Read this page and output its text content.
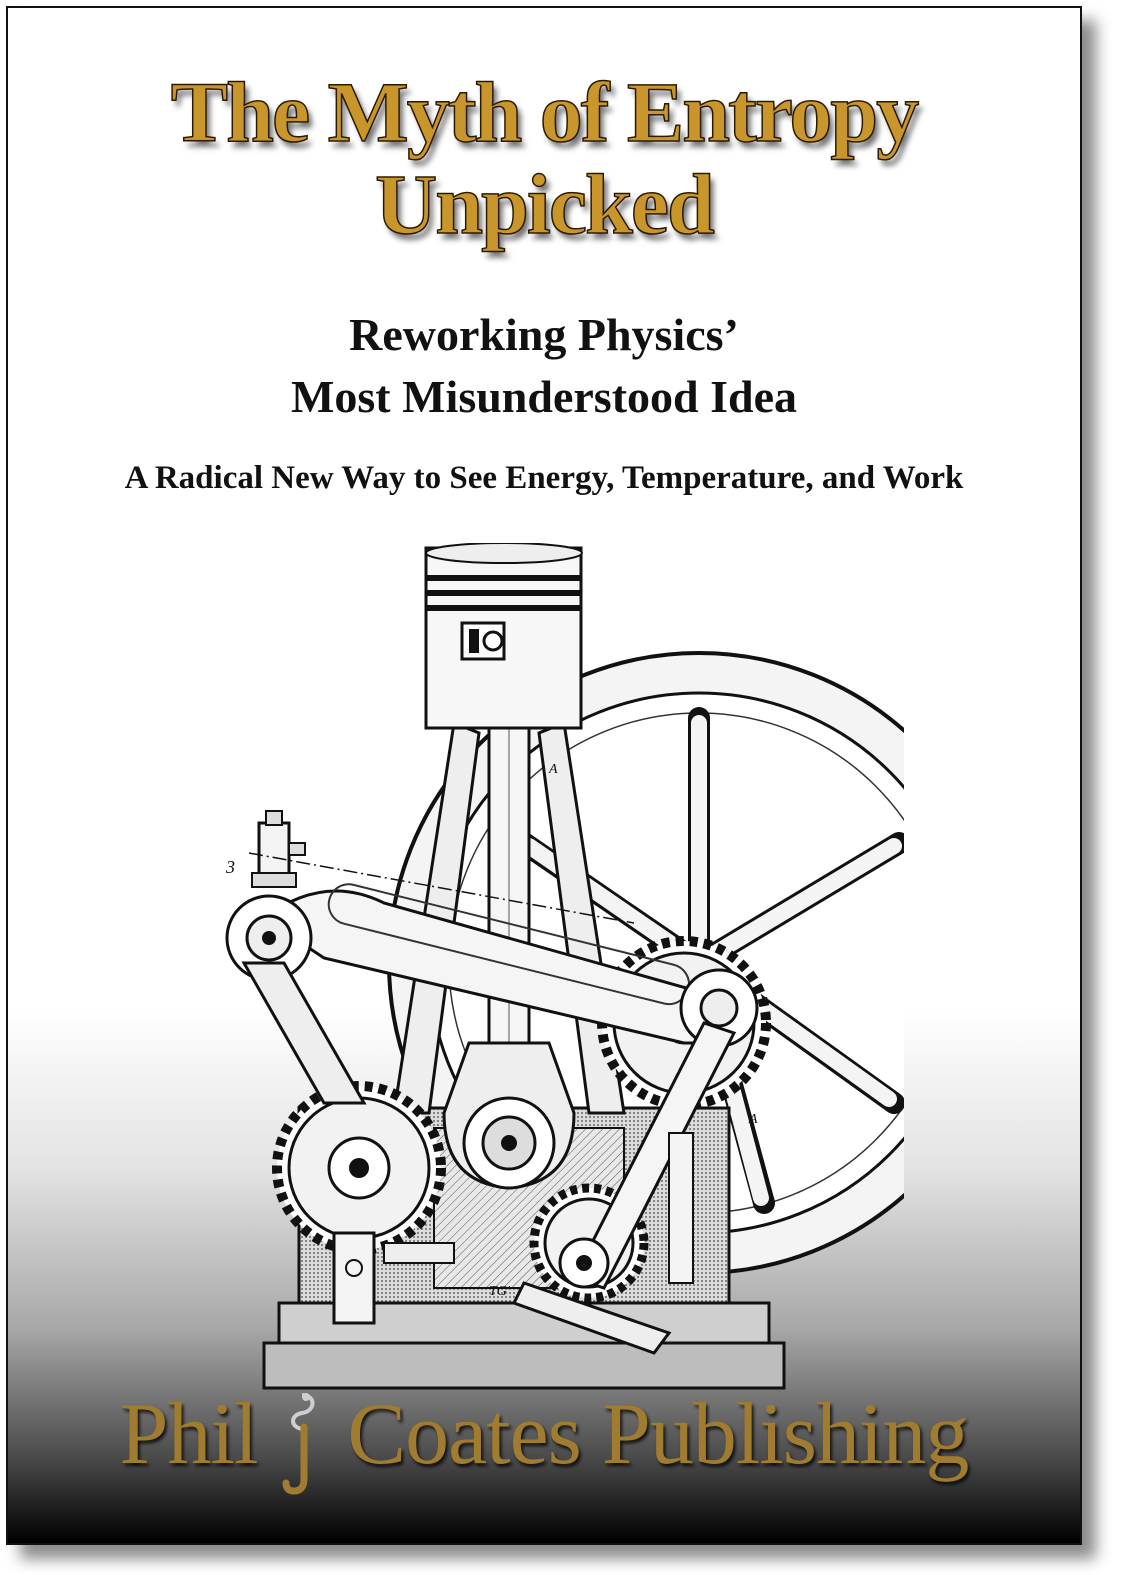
The Myth of Entropy
Unpicked
Reworking Physics’
Most Misunderstood Idea
A Radical New Way to See Energy, Temperature, and Work
3
A
A
TG'
Phil Coates Publishing
